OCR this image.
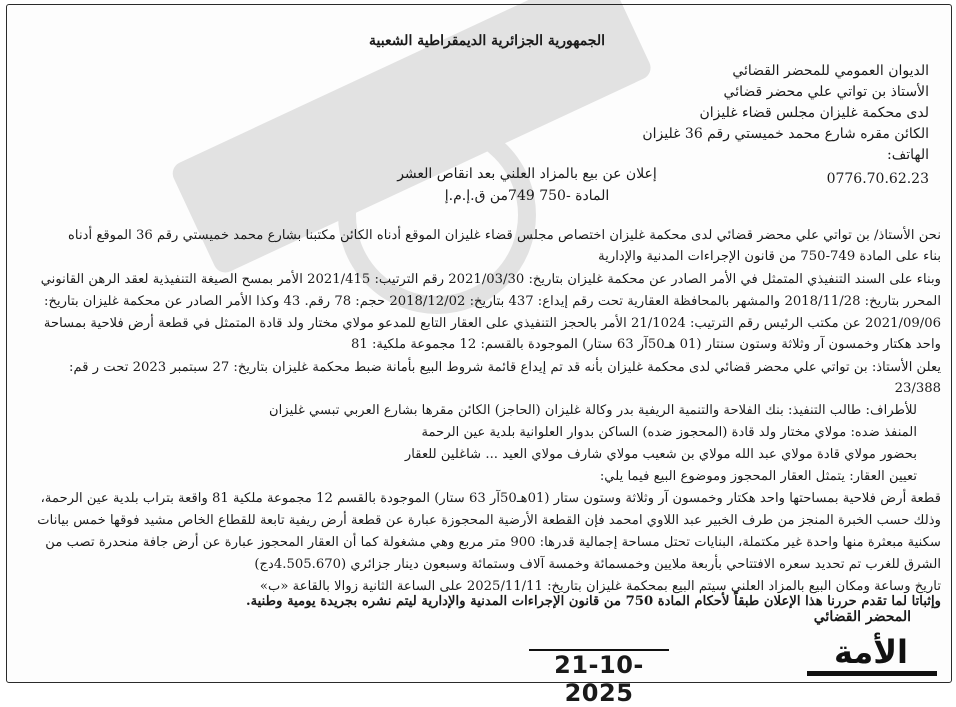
الجمهورية الجزائرية الديمقراطية الشعبية
الديوان العمومي للمحضر القضائي
الأستاذ بن تواتي علي محضر قضائي
لدى محكمة غليزان مجلس قضاء غليزان
الكائن مقره شارع محمد خميستي رقم 36 غليزان
الهاتف:
0776.70.62.23
إعلان عن بيع بالمزاد العلني بعد انقاص العشر
المادة -750 749من ق.إ.م.إ
نحن الأستاذ/ بن تواتي علي محضر قضائي لدى محكمة غليزان اختصاص مجلس قضاء غليزان الموقع أدناه الكائن مكتبنا بشارع محمد خميستي رقم 36 الموقع أدناه
بناء على المادة 749-750 من قانون الإجراءات المدنية والإدارية
وبناء على السند التنفيذي المتمثل في الأمر الصادر عن محكمة غليزان بتاريخ: 2021/03/30 رقم الترتيب: 2021/415 الأمر بمسح الصيغة التنفيذية لعقد الرهن القانوني
المحرر بتاريخ: 2018/11/28 والمشهر بالمحافظة العقارية تحت رقم إيداع: 437 بتاريخ: 2018/12/02 حجم: 78 رقم. 43 وكذا الأمر الصادر عن محكمة غليزان بتاريخ:
2021/09/06 عن مكتب الرئيس رقم الترتيب: 21/1024 الأمر بالحجز التنفيذي على العقار التابع للمدعو مولاي مختار ولد قادة المتمثل في قطعة أرض فلاحية بمساحة
واحد هكتار وخمسون آر وثلاثة وستون سنتار (01 هـ50آر 63 ستار) الموجودة بالقسم: 12 مجموعة ملكية: 81
يعلن الأستاذ: بن تواتي علي محضر قضائي لدى محكمة غليزان بأنه قد تم إيداع قائمة شروط البيع بأمانة ضبط محكمة غليزان بتاريخ: 27 سبتمبر 2023 تحت ر قم:
23/388
للأطراف: طالب التنفيذ: بنك الفلاحة والتنمية الريفية بدر وكالة غليزان (الحاجز) الكائن مقرها بشارع العربي تبسي غليزان
المنفذ ضده: مولاي مختار ولد قادة (المحجوز ضده) الساكن بدوار العلوانية بلدية عين الرحمة
بحضور مولاي قادة مولاي عبد الله مولاي بن شعيب مولاي شارف مولاي العيد ... شاغلين للعقار
تعيين العقار: يتمثل العقار المحجوز وموضوع البيع فيما يلي:
قطعة أرض فلاحية بمساحتها واحد هكتار وخمسون آر وثلاثة وستون ستار (01هـ50آر 63 ستار) الموجودة بالقسم 12 مجموعة ملكية 81 واقعة بتراب بلدية عين الرحمة،
وذلك حسب الخبرة المنجز من طرف الخبير عبد اللاوي امحمد فإن القطعة الأرضية المحجوزة عبارة عن قطعة أرض ريفية تابعة للقطاع الخاص مشيد فوقها خمس بيانات
سكنية مبعثرة منها واحدة غير مكتملة، البنايات تحتل مساحة إجمالية قدرها: 900 متر مربع وهي مشغولة كما أن العقار المحجوز عبارة عن أرض جافة منحدرة تصب من
الشرق للغرب تم تحديد سعره الافتتاحي بأربعة ملايين وخمسمائة وخمسة آلاف وستمائة وسبعون دينار جزائري (4.505.670دج)
تاريخ وساعة ومكان البيع بالمزاد العلني سيتم البيع بمحكمة غليزان بتاريخ: 2025/11/11 على الساعة الثانية زوالا بالقاعة «ب»
وإثباتا لما تقدم حررنا هذا الإعلان طبقاً لأحكام المادة 750 من قانون الإجراءات المدنية والإدارية ليتم نشره بجريدة يومية وطنية.
المحضر القضائي
21-10-2025
الأمة
